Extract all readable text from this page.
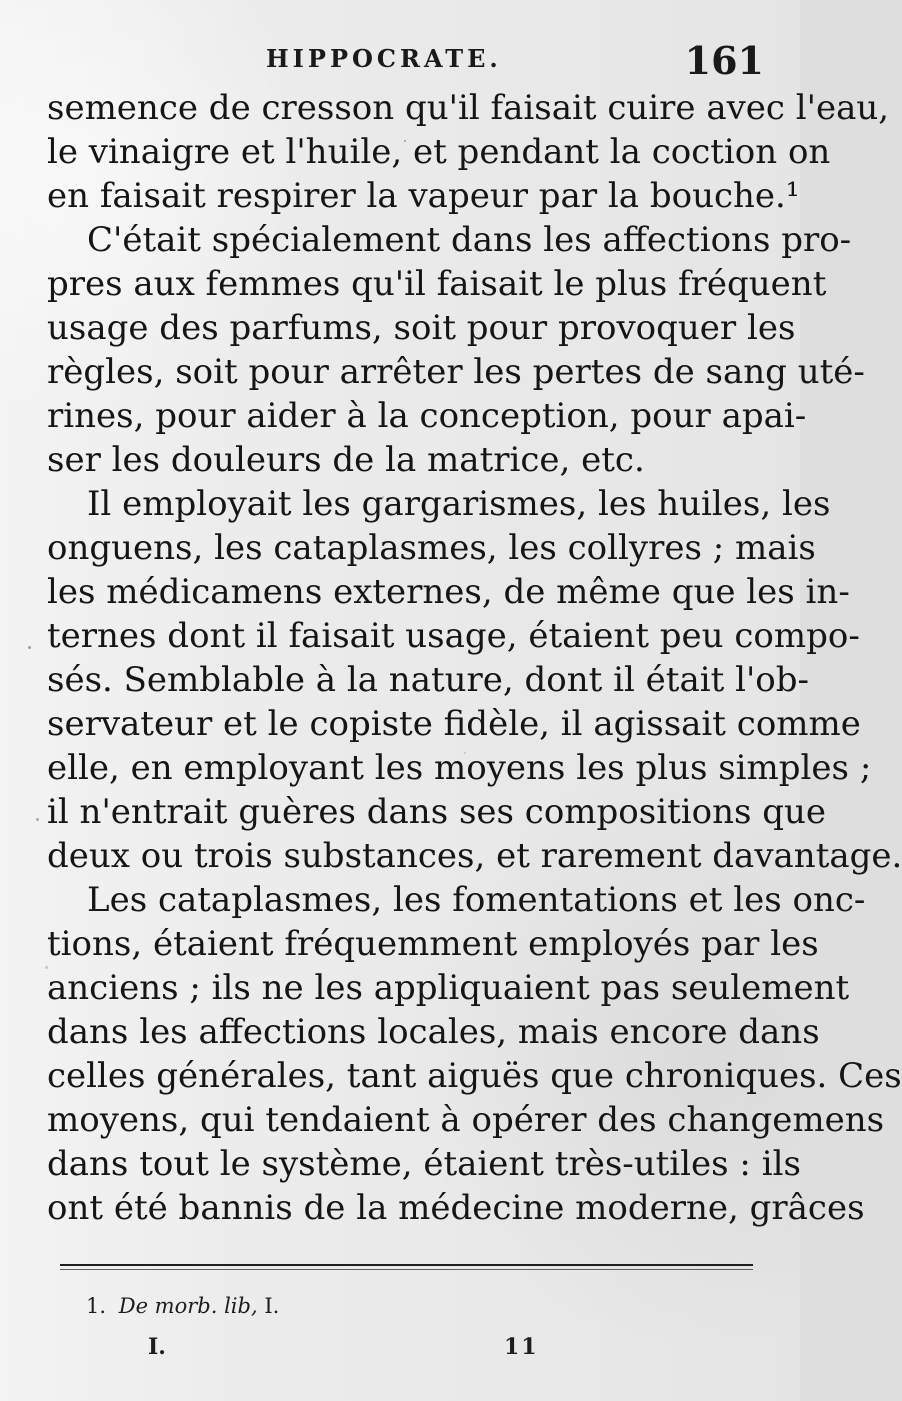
HIPPOCRATE.	161
semence de cresson qu'il faisait cuire avec l'eau,
le vinaigre et l'huile, et pendant la coction on
en faisait respirer la vapeur par la bouche.¹
C'était spécialement dans les affections pro-
pres aux femmes qu'il faisait le plus fréquent
usage des parfums, soit pour provoquer les
règles, soit pour arrêter les pertes de sang uté-
rines, pour aider à la conception, pour apai-
ser les douleurs de la matrice, etc.
Il employait les gargarismes, les huiles, les
onguens, les cataplasmes, les collyres ; mais
les médicamens externes, de même que les in-
ternes dont il faisait usage, étaient peu compo-
sés. Semblable à la nature, dont il était l'ob-
servateur et le copiste fidèle, il agissait comme
elle, en employant les moyens les plus simples ;
il n'entrait guères dans ses compositions que
deux ou trois substances, et rarement davantage.
Les cataplasmes, les fomentations et les onc-
tions, étaient fréquemment employés par les
anciens ; ils ne les appliquaient pas seulement
dans les affections locales, mais encore dans
celles générales, tant aiguës que chroniques. Ces
moyens, qui tendaient à opérer des changemens
dans tout le système, étaient très-utiles : ils
ont été bannis de la médecine moderne, grâces
1. De morb. lib, I.
I.	11
